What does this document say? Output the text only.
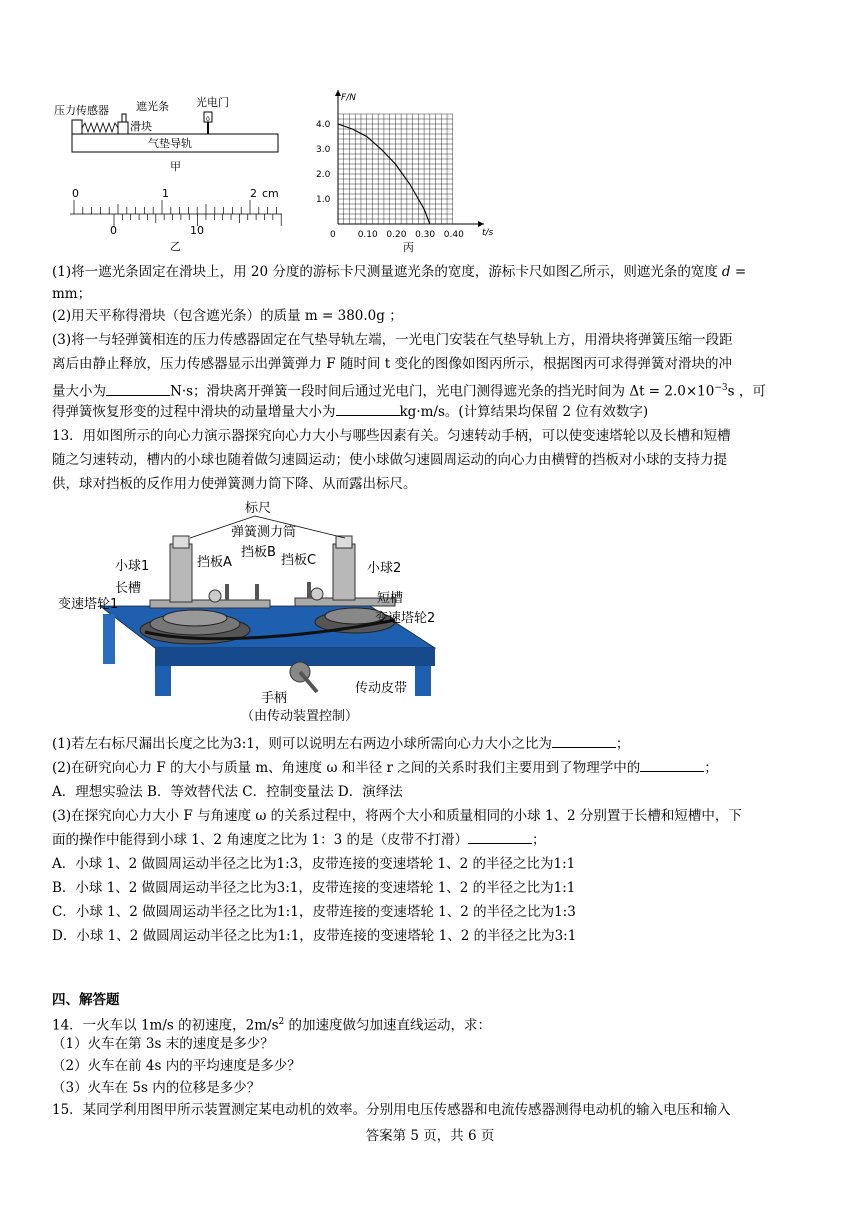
压力传感器 遮光条 光电门
滑块
气垫导轨
0
甲
0	1	2 cm
0	10
乙
0 0.10 0.20 0.30 0.40
1.0
2.0
3.0
4.0
F/N
t/s
丙
(1)将一遮光条固定在滑块上，用 20 分度的游标卡尺测量遮光条的宽度，游标卡尺如图乙所示，则遮光条的宽度 d =
mm；
(2)用天平称得滑块（包含遮光条）的质量 m = 380.0g ；
(3)将一与轻弹簧相连的压力传感器固定在气垫导轨左端，一光电门安装在气垫导轨上方，用滑块将弹簧压缩一段距
离后由静止释放，压力传感器显示出弹簧弹力 F 随时间 t 变化的图像如图丙所示，根据图丙可求得弹簧对滑块的冲
量大小为	N·s；滑块离开弹簧一段时间后通过光电门，光电门测得遮光条的挡光时间为 $\Delta t = 2.0\times 10^{-3}s$ ，可
得弹簧恢复形变的过程中滑块的动量增量大小为	kg·m/s。(计算结果均保留 2 位有效数字)
13．用如图所示的向心力演示器探究向心力大小与哪些因素有关。匀速转动手柄，可以使变速塔轮以及长槽和短槽
随之匀速转动，槽内的小球也随着做匀速圆运动；使小球做匀速圆周运动的向心力由横臂的挡板对小球的支持力提
供，球对挡板的反作用力使弹簧测力筒下降、从而露出标尺。
标尺
弹簧测力筒
小球1	挡板A
挡板B
挡板C
小球2
长槽
变速塔轮1	短槽
变速塔轮2
传动皮带
手柄
（由传动装置控制）
(1)若左右标尺漏出长度之比为3:1，则可以说明左右两边小球所需向心力大小之比为	；
(2)在研究向心力 F 的大小与质量 m、角速度 ω 和半径 r 之间的关系时我们主要用到了物理学中的	；
A．理想实验法 B．等效替代法 C．控制变量法 D．演绎法
(3)在探究向心力大小 F 与角速度 ω 的关系过程中，将两个大小和质量相同的小球 1、2 分别置于长槽和短槽中，下
面的操作中能得到小球 1、2 角速度之比为 1：3 的是（皮带不打滑）	；
A．小球 1、2 做圆周运动半径之比为1:3，皮带连接的变速塔轮 1、2 的半径之比为1:1
B．小球 1、2 做圆周运动半径之比为3:1，皮带连接的变速塔轮 1、2 的半径之比为1:1
C．小球 1、2 做圆周运动半径之比为1:1，皮带连接的变速塔轮 1、2 的半径之比为1:3
D．小球 1、2 做圆周运动半径之比为1:1，皮带连接的变速塔轮 1、2 的半径之比为3:1
四、解答题
14．一火车以 1m/s 的初速度，$2m/s^2$ 的加速度做匀加速直线运动，求：
（1）火车在第 3s 末的速度是多少？
（2）火车在前 4s 内的平均速度是多少？
（3）火车在 5s 内的位移是多少？
15．某同学利用图甲所示装置测定某电动机的效率。分别用电压传感器和电流传感器测得电动机的输入电压和输入
答案第 5 页，共 6 页
